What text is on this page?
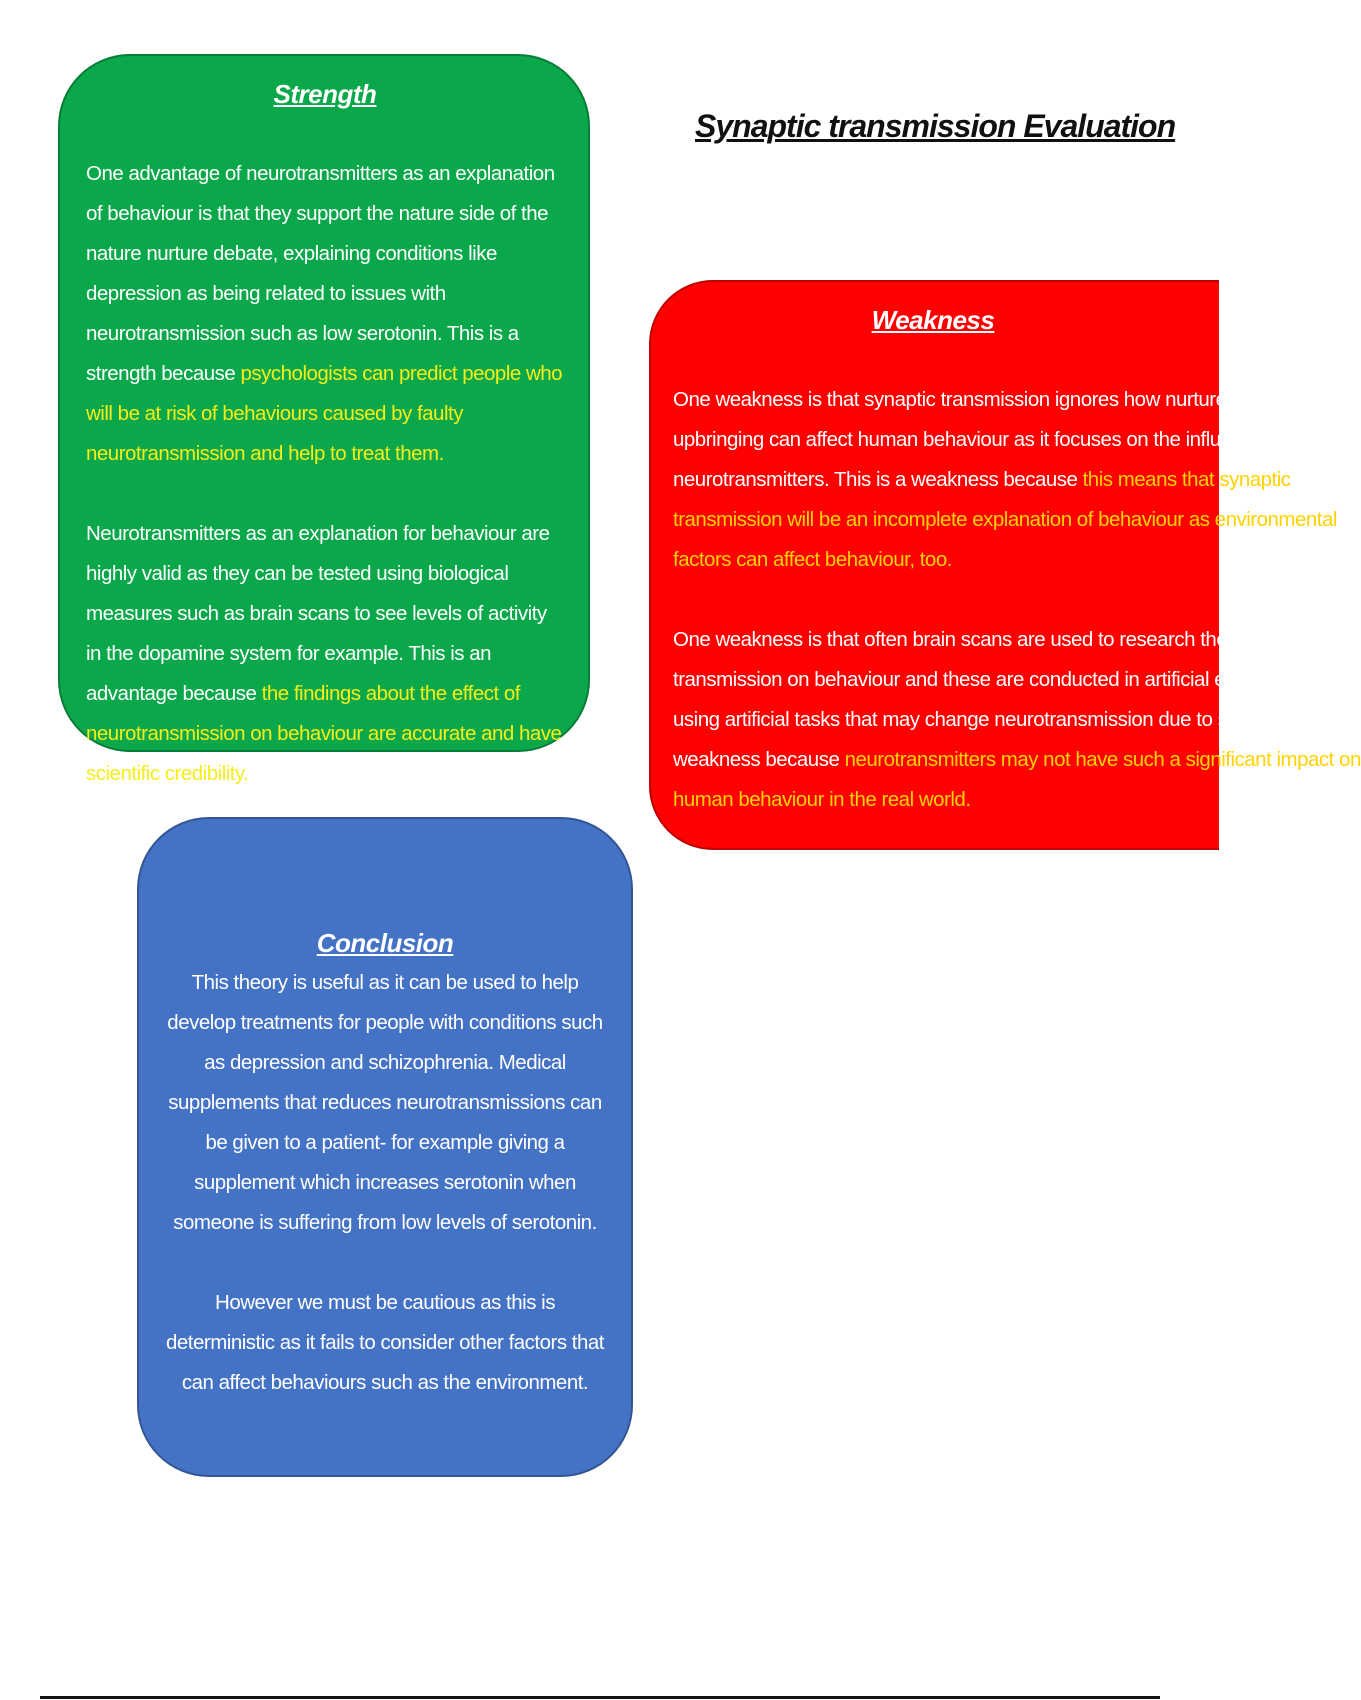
Synaptic transmission Evaluation
Strength

One advantage of neurotransmitters as an explanation of behaviour is that they support the nature side of the nature nurture debate, explaining conditions like depression as being related to issues with neurotransmission such as low serotonin. This is a strength because psychologists can predict people who will be at risk of behaviours caused by faulty neurotransmission and help to treat them.

Neurotransmitters as an explanation for behaviour are highly valid as they can be tested using biological measures such as brain scans to see levels of activity in the dopamine system for example. This is an advantage because the findings about the effect of neurotransmission on behaviour are accurate and have scientific credibility.

Weakness

One weakness is that synaptic transmission ignores how nurture such as

upbringing can affect human behaviour as it focuses on the influence of

neurotransmitters. This is a weakness because this means that synaptic

transmission will be an incomplete explanation of behaviour as environmental

factors can affect behaviour, too.

One weakness is that often brain scans are used to research the effect of neuro

transmission on behaviour and these are conducted in artificial environments

using artificial tasks that may change neurotransmission due to stress. This is a

weakness because neurotransmitters may not have such a significant impact on

human behaviour in the real world.

Conclusion

This theory is useful as it can be used to help develop treatments for people with conditions such as depression and schizophrenia. Medical supplements that reduces neurotransmissions can be given to a patient- for example giving a supplement which increases serotonin when someone is suffering from low levels of serotonin.

However we must be cautious as this is deterministic as it fails to consider other factors that can affect behaviours such as the environment.
